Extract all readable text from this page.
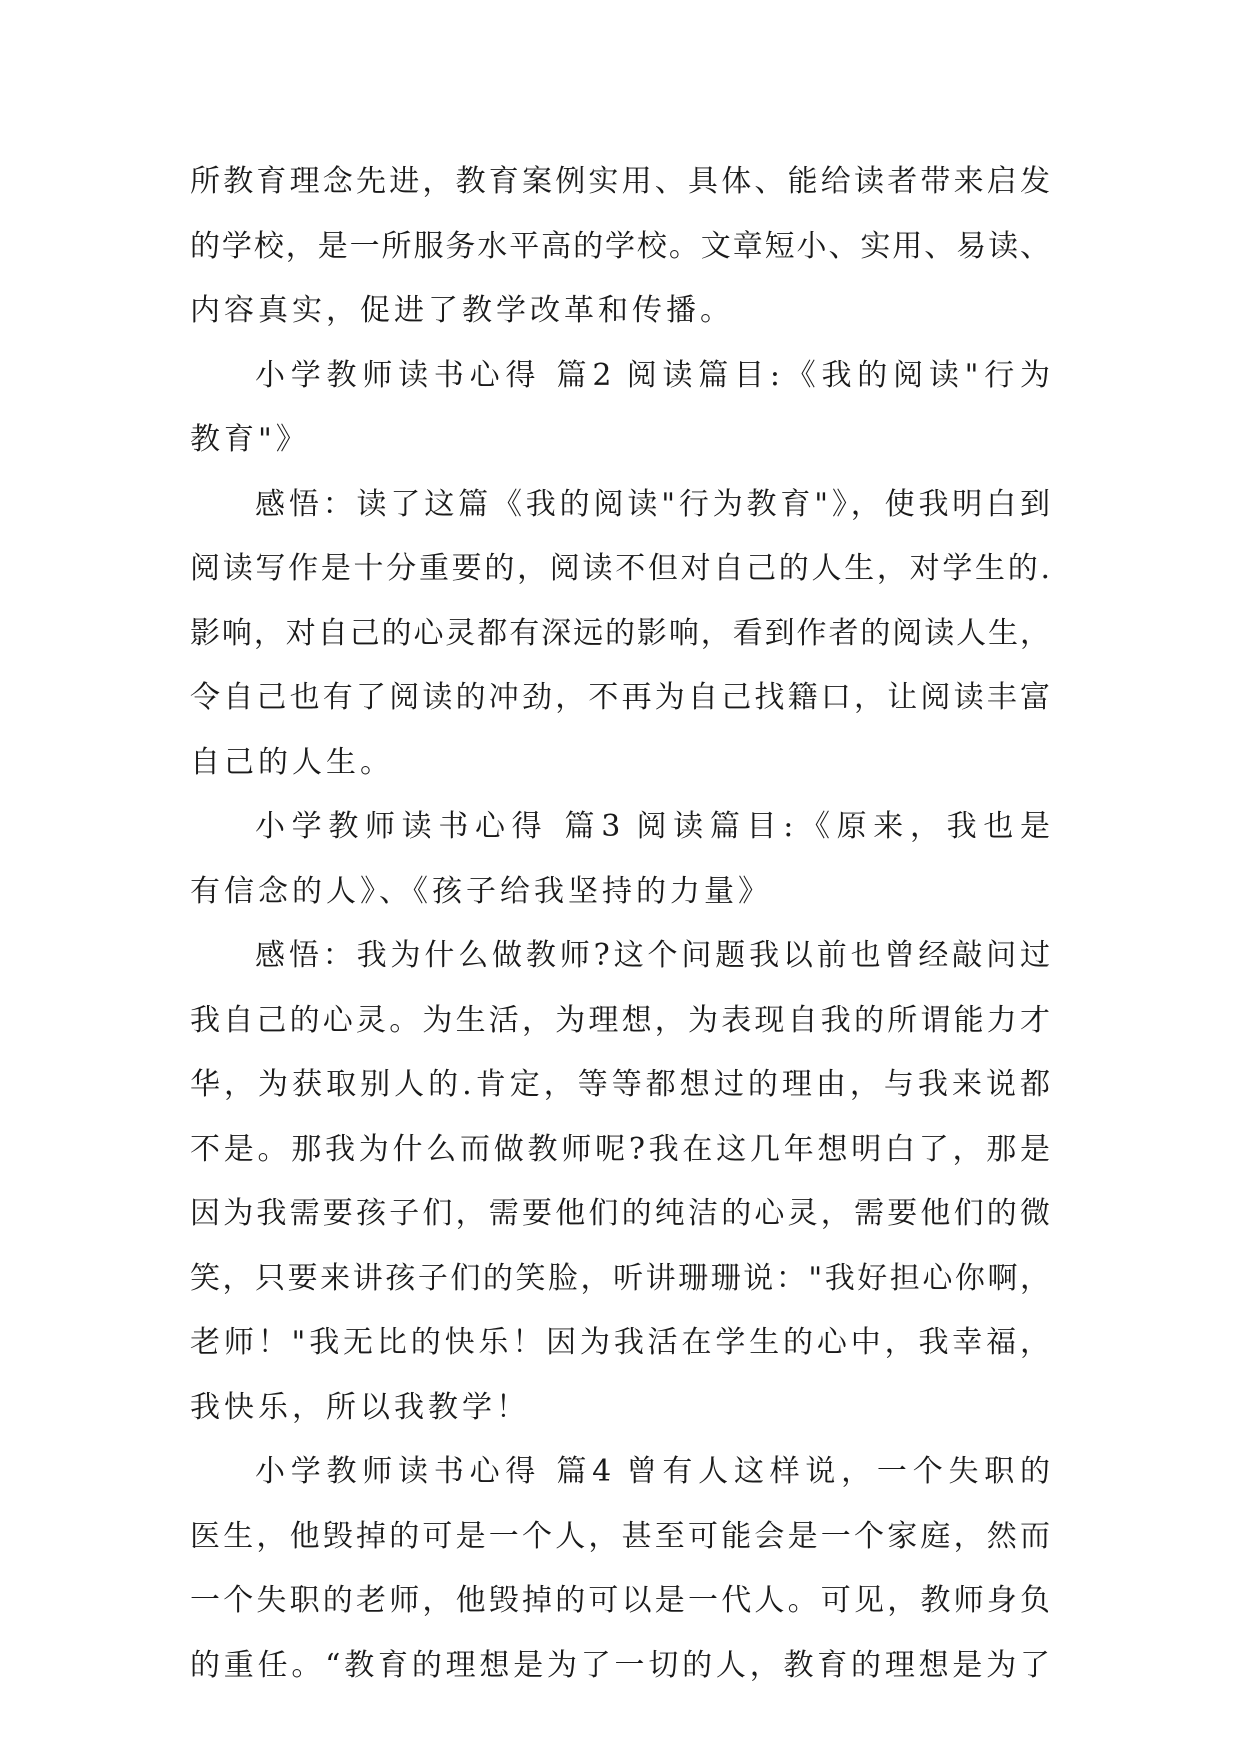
所教育理念先进，教育案例实用、具体、能给读者带来启发
的学校，是一所服务水平高的学校。文章短小、实用、易读、
内容真实，促进了教学改革和传播。
小学教师读书心得 篇2 阅读篇目:《我的阅读"行为
教育"》
感悟：读了这篇《我的阅读"行为教育"》，使我明白到
阅读写作是十分重要的，阅读不但对自己的人生，对学生的.
影响，对自己的心灵都有深远的影响，看到作者的阅读人生，
令自己也有了阅读的冲劲，不再为自己找籍口，让阅读丰富
自己的人生。
小学教师读书心得 篇3 阅读篇目:《原来，我也是
有信念的人》、《孩子给我坚持的力量》
感悟：我为什么做教师?这个问题我以前也曾经敲问过
我自己的心灵。为生活，为理想，为表现自我的所谓能力才
华，为获取别人的.肯定，等等都想过的理由，与我来说都
不是。那我为什么而做教师呢?我在这几年想明白了，那是
因为我需要孩子们，需要他们的纯洁的心灵，需要他们的微
笑，只要来讲孩子们的笑脸，听讲珊珊说："我好担心你啊，
老师！"我无比的快乐！因为我活在学生的心中，我幸福，
我快乐，所以我教学！
小学教师读书心得 篇4 曾有人这样说，一个失职的
医生，他毁掉的可是一个人，甚至可能会是一个家庭，然而
一个失职的老师，他毁掉的可以是一代人。可见，教师身负
的重任。“教育的理想是为了一切的人，教育的理想是为了
